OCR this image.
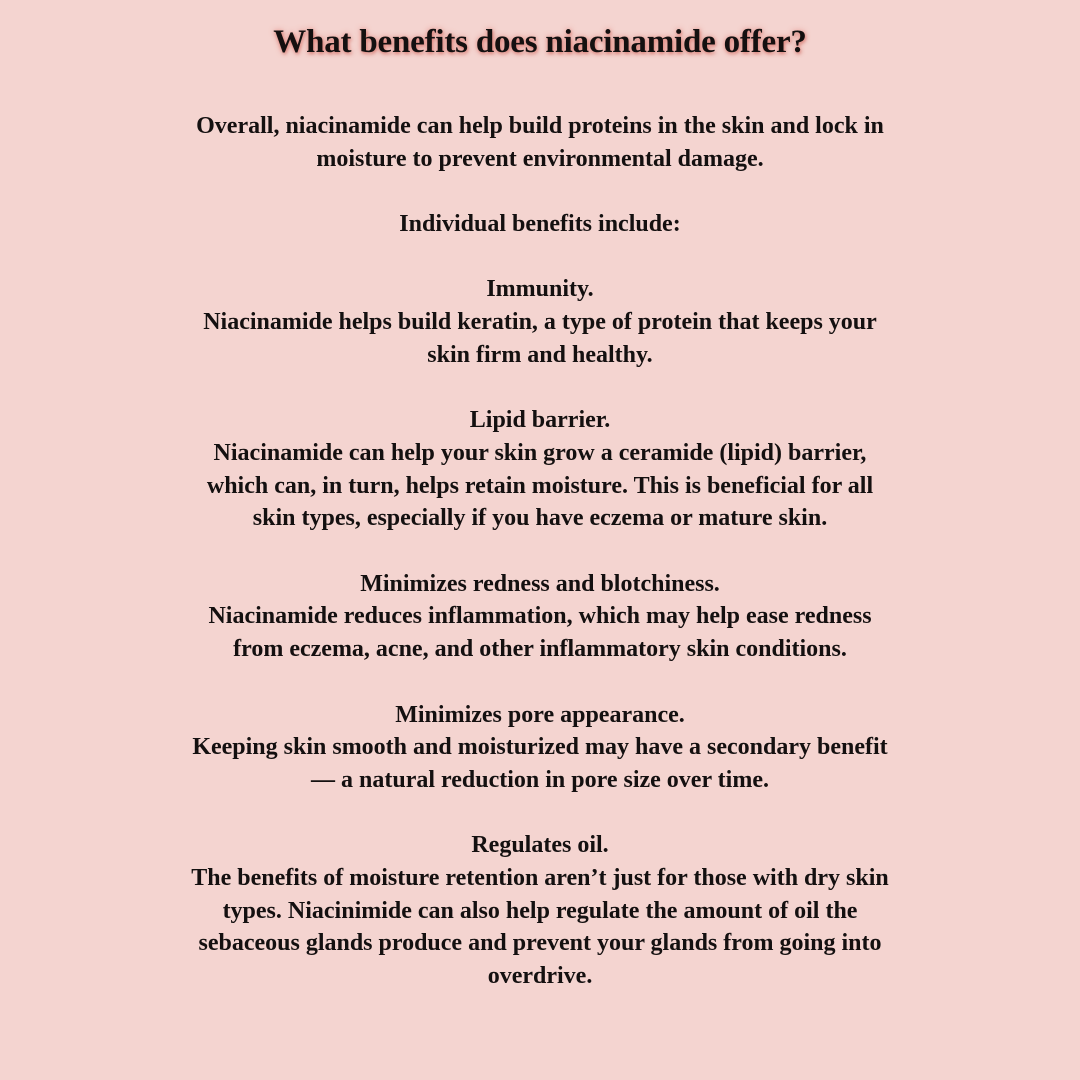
What benefits does niacinamide offer?

Overall, niacinamide can help build proteins in the skin and lock in moisture to prevent environmental damage.

Individual benefits include:

Immunity.

Niacinamide helps build keratin, a type of protein that keeps your skin firm and healthy.

Lipid barrier.

Niacinamide can help your skin grow a ceramide (lipid) barrier, which can, in turn, helps retain moisture. This is beneficial for all skin types, especially if you have eczema or mature skin.

Minimizes redness and blotchiness.

Niacinamide reduces inflammation, which may help ease redness from eczema, acne, and other inflammatory skin conditions.

Minimizes pore appearance.

Keeping skin smooth and moisturized may have a secondary benefit — a natural reduction in pore size over time.

Regulates oil.

The benefits of moisture retention aren’t just for those with dry skin types. Niacinimide can also help regulate the amount of oil the sebaceous glands produce and prevent your glands from going into overdrive.
